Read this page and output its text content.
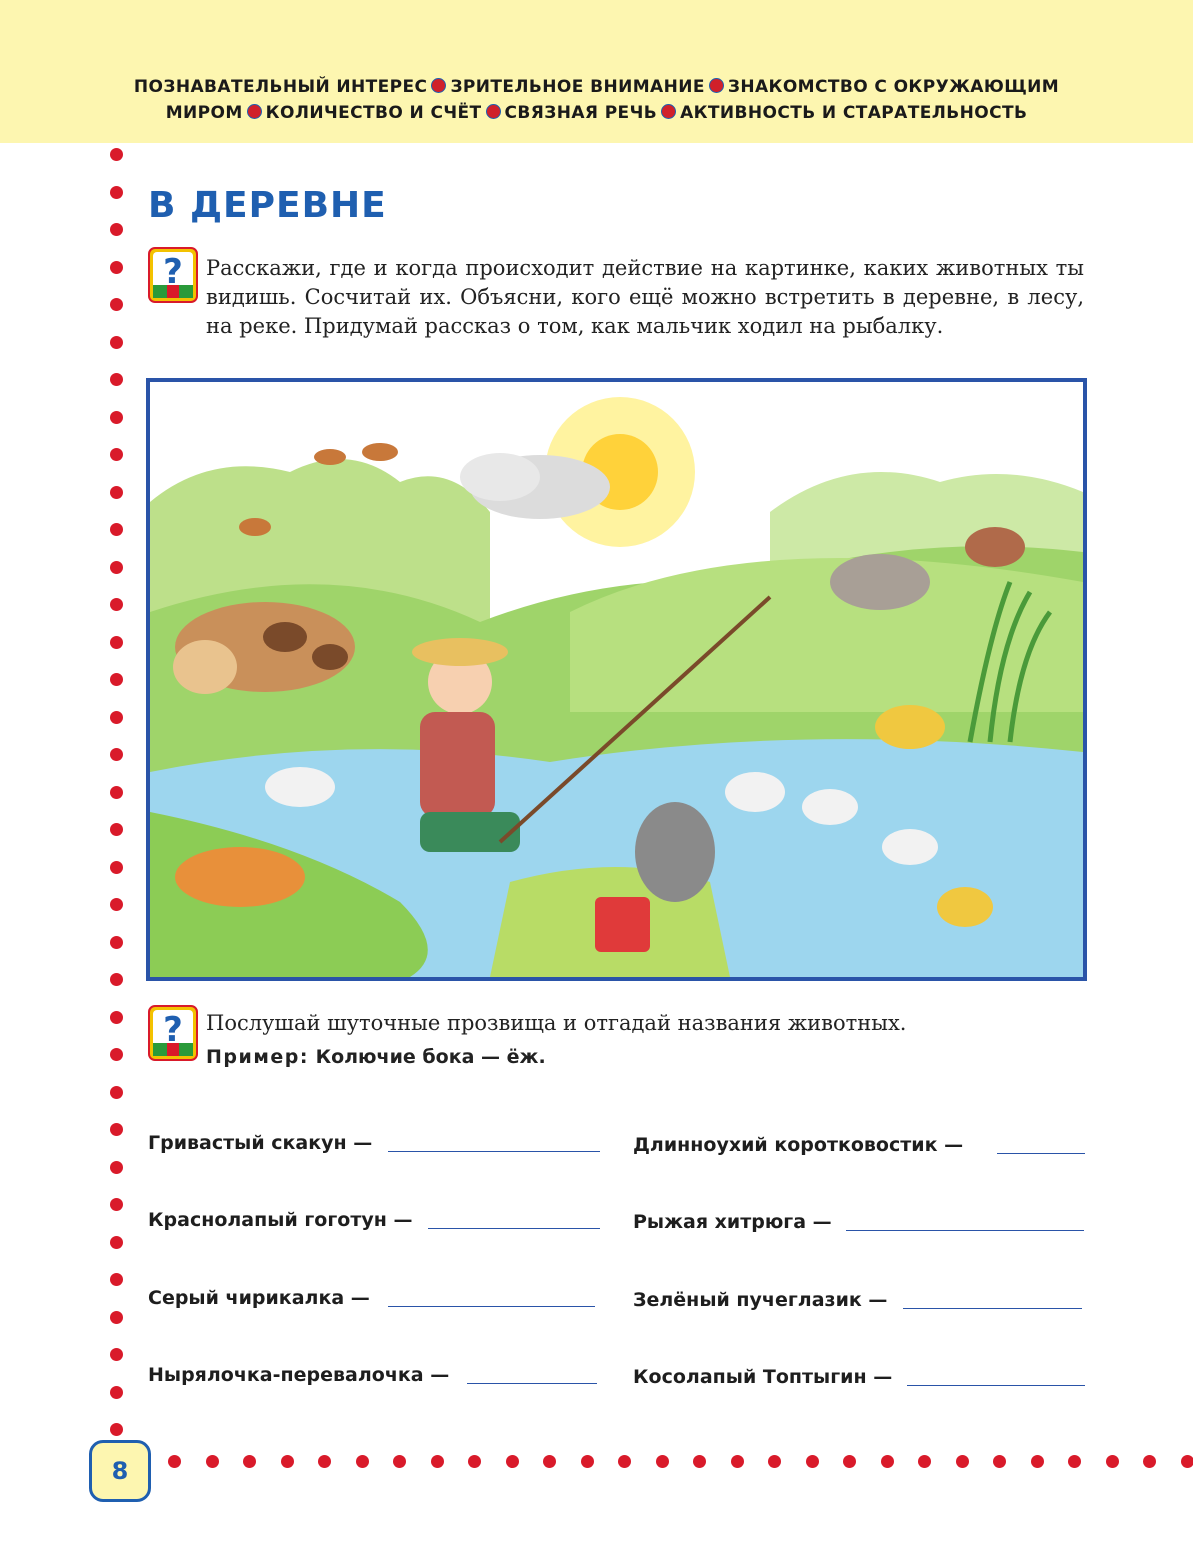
ПОЗНАВАТЕЛЬНЫЙ ИНТЕРЕС ЗРИТЕЛЬНОЕ ВНИМАНИЕ ЗНАКОМСТВО С ОКРУЖАЮЩИМ
МИРОМ КОЛИЧЕСТВО И СЧЁТ СВЯЗНАЯ РЕЧЬ АКТИВНОСТЬ И СТАРАТЕЛЬНОСТЬ
В ДЕРЕВНЕ
? Расскажи, где и когда происходит действие на картинке, каких животных ты видишь. Сосчитай их. Объясни, кого ещё можно встретить в деревне, в лесу, на реке. Придумай рассказ о том, как мальчик ходил на рыбалку.

? Послушай шуточные прозвища и отгадай названия животных.

Пример: Колючие бока — ёж.
Гривастый скакун —
Краснолапый гоготун —
Серый чирикалка —
Нырялочка-перевалочка —
Длинноухий коротковостик —
Рыжая хитрюга —
Зелёный пучеглазик —
Косолапый Топтыгин —
8
